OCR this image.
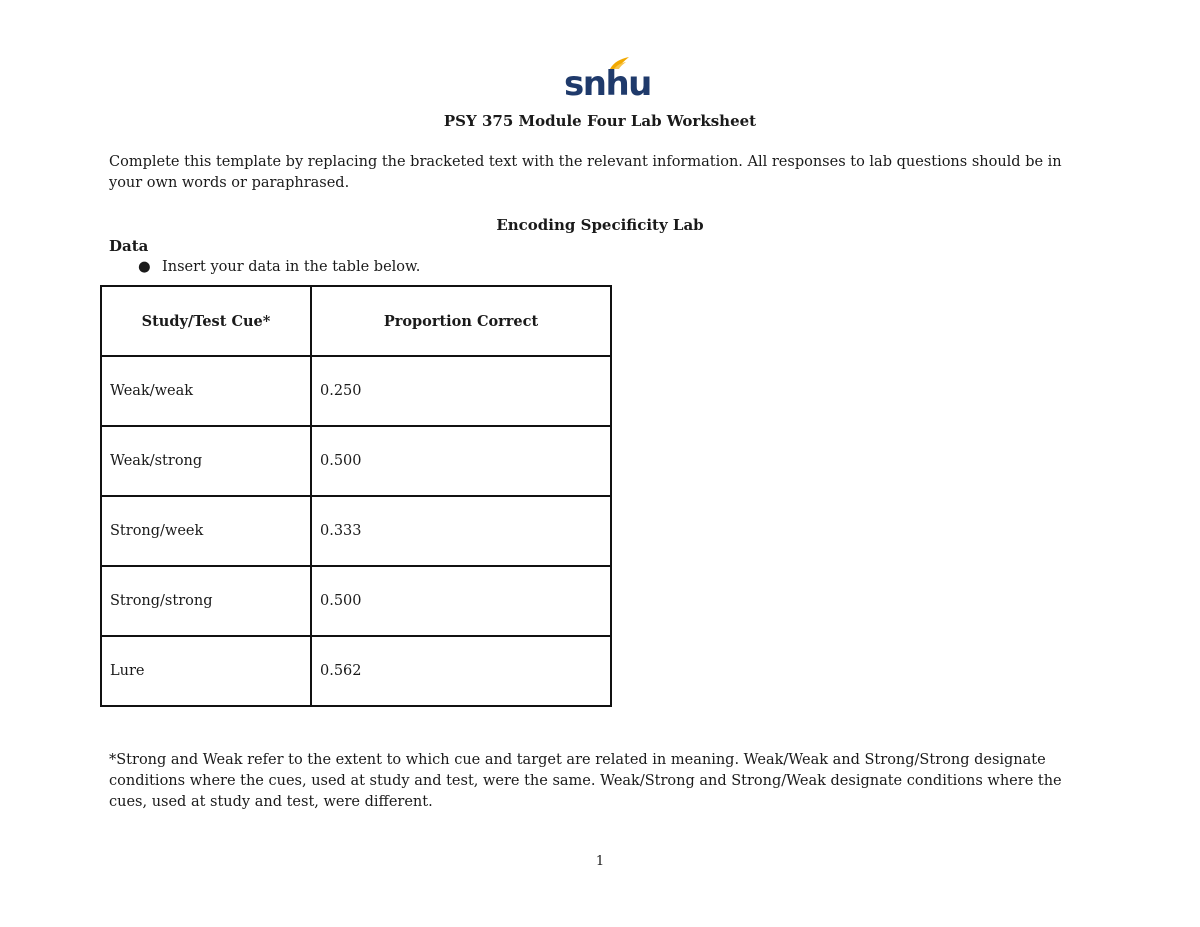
snhu
PSY 375 Module Four Lab Worksheet
Complete this template by replacing the bracketed text with the relevant information. All responses to lab questions should be in your own words or paraphrased.
Encoding Specificity Lab
Data
● Insert your data in the table below.
Study/Test Cue*	Proportion Correct
Weak/weak	0.250
Weak/strong	0.500
Strong/week	0.333
Strong/strong	0.500
Lure	0.562
*Strong and Weak refer to the extent to which cue and target are related in meaning. Weak/Weak and Strong/Strong designate conditions where the cues, used at study and test, were the same. Weak/Strong and Strong/Weak designate conditions where the cues, used at study and test, were different.
1
